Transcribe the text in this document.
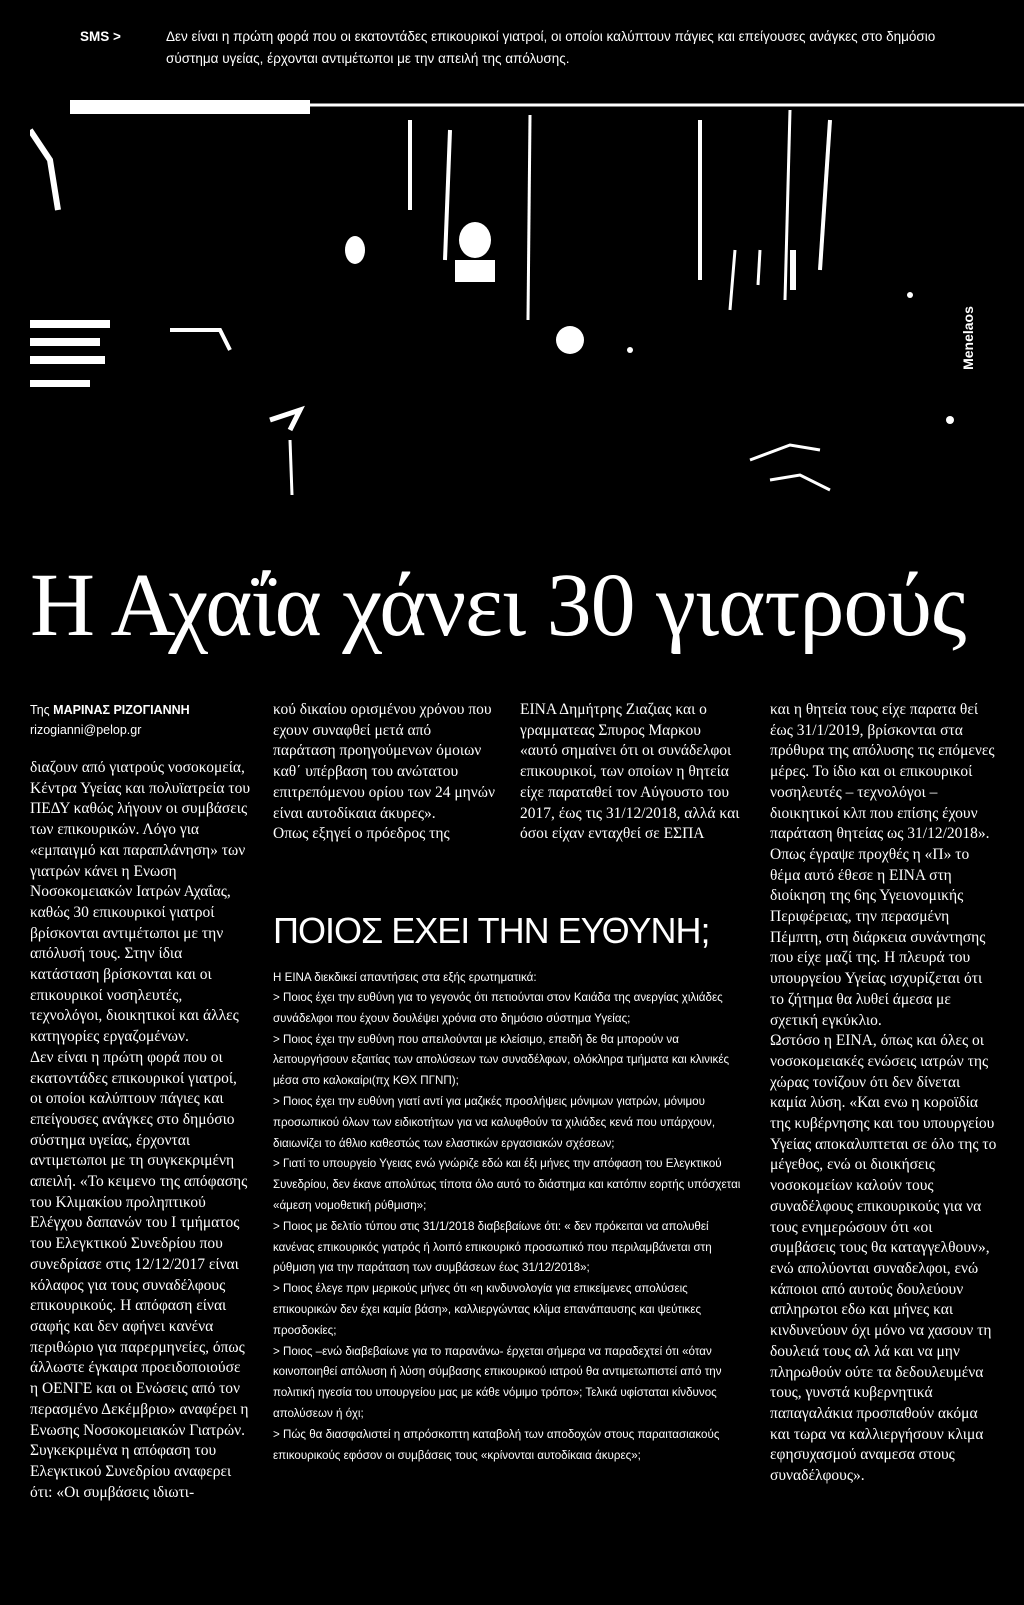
SMS >	Δεν είναι η πρώτη φορά που οι εκατοντάδες επικουρικοί γιατροί, οι οποίοι καλύπτουν πάγιες και επείγουσες ανάγκες στο δημόσιο σύστημα υγείας, έρχονται αντιμέτωποι με την απειλή της απόλυσης.
Menelaos
Η Αχαΐα χάνει 30 γιατρούς
Της ΜΑΡΙΝΑΣ ΡΙΖΟΓΙΑΝΝΗ
rizogianni@pelop.gr

διαζουν από γιατρούς νοσοκομεία, Κέντρα Υγείας και πολυϊατρεία του ΠΕΔΥ καθώς λήγουν οι συμβάσεις των επικουρικών. Λόγο για «εμπαιγμό και παραπλάνηση» των γιατρών κάνει η Ενωση Νοσοκομειακών Ιατρών Αχαΐας, καθώς 30 επικουρικοί γιατροί βρίσκονται αντιμέτωποι με την απόλυσή τους. Στην ίδια κατάσταση βρίσκονται και οι επικουρικοί νοσηλευτές, τεχνολόγοι, διοικητικοί και άλλες κατηγορίες εργαζομένων.
Δεν είναι η πρώτη φορά που οι εκατοντάδες επικουρικοί γιατροί, οι οποίοι καλύπτουν πάγιες και επείγουσες ανάγκες στο δημόσιο σύστημα υγείας, έρχονται αντιμετωποι με τη συγκεκριμένη απειλή. «Το κειμενο της απόφασης του Κλιμακίου προληπτικού Ελέγχου δαπανών του Ι τμήματος του Ελεγκτικού Συνεδρίου που συνεδρίασε στις 12/12/2017 είναι κόλαφος για τους συναδέλφους επικουρικούς. Η απόφαση είναι σαφής και δεν αφήνει κανένα περιθώριο για παρερμηνείες, όπως άλλωστε έγκαιρα προειδοποιούσε η ΟΕΝΓΕ και οι Ενώσεις από τον περασμένο Δεκέμβριο» αναφέρει η Ενωσης Νοσοκομειακών Γιατρών.
Συγκεκριμένα η απόφαση του Ελεγκτικού Συνεδρίου αναφερει ότι: «Οι συμβάσεις ιδιωτι-

κού δικαίου ορισμένου χρόνου που εχουν συναφθεί μετά από παράταση προηγούμενων όμοιων καθ΄ υπέρβαση του ανώτατου επιτρεπόμενου ορίου των 24 μηνών είναι αυτοδίκαια άκυρες».
Οπως εξηγεί ο πρόεδρος της

ΕΙΝΑ Δημήτρης Ζιαζιας και ο γραμματεας Σπυρος Μαρκου «αυτό σημαίνει ότι οι συνάδελφοι επικουρικοί, των οποίων η θητεία είχε παραταθεί τον Αύγουστο του 2017, έως τις 31/12/2018, αλλά και όσοι είχαν ενταχθεί σε ΕΣΠΑ

και η θητεία τους είχε παρατα θεί έως 31/1/2019, βρίσκονται στα πρόθυρα της απόλυσης τις επόμενες μέρες. Το ίδιο και οι επικουρικοί νοσηλευτές – τεχνολόγοι – διοικητικοί κλπ που επίσης έχουν παράταση θητείας ως 31/12/2018».
Οπως έγραψε προχθές η «Π» το θέμα αυτό έθεσε η ΕΙΝΑ στη διοίκηση της 6ης Υγειονομικής Περιφέρειας, την περασμένη Πέμπτη, στη διάρκεια συνάντησης που είχε μαζί της. Η πλευρά του υπουργείου Υγείας ισχυρίζεται ότι το ζήτημα θα λυθεί άμεσα με σχετική εγκύκλιο.
Ωστόσο η ΕΙΝΑ, όπως και όλες οι νοσοκομειακές ενώσεις ιατρών της χώρας τονίζουν ότι δεν δίνεται καμία λύση. «Και ενω η κοροϊδία της κυβέρνησης και του υπουργείου Υγείας αποκαλυπτεται σε όλο της το μέγεθος, ενώ οι διοικήσεις νοσοκομείων καλούν τους συναδέλφους επικουρικούς για να τους ενημερώσουν ότι «οι συμβάσεις τους θα καταγγελθουν», ενώ απολύονται συναδελφοι, ενώ κάποιοι από αυτούς δουλεύουν απληρωτοι εδω και μήνες και κινδυνεύουν όχι μόνο να χασουν τη δουλειά τους αλ λά και να μην πληρωθούν ούτε τα δεδουλευμένα τους, γυνστά κυβερνητικά παπαγαλάκια προσπαθούν ακόμα και τωρα να καλλιεργήσουν κλιμα εφησυχασμού αναμεσα στους συναδέλφους».

ΠΟΙΟΣ ΕΧΕΙ ΤΗΝ ΕΥΘΥΝΗ;

Η ΕΙΝΑ διεκδικεί απαντήσεις στα εξής ερωτηματικά:

> Ποιος έχει την ευθύνη για το γεγονός ότι πετιούνται στον Καιάδα της ανεργίας χιλιάδες συνάδελφοι που έχουν δουλέψει χρόνια στο δημόσιο σύστημα Υγείας;

> Ποιος έχει την ευθύνη που απειλούνται με κλείσιμο, επειδή δε θα μπορούν να λειτουργήσουν εξαιτίας των απολύσεων των συναδέλφων, ολόκληρα τμήματα και κλινικές μέσα στο καλοκαίρι(πχ ΚΘΧ ΠΓΝΠ);

> Ποιος έχει την ευθύνη γιατί αντί για μαζικές προσλήψεις μόνιμων γιατρών, μόνιμου προσωπικού όλων των ειδικοτήτων για να καλυφθούν τα χιλιάδες κενά που υπάρχουν, διαιωνίζει το άθλιο καθεστώς των ελαστικών εργασιακών σχέσεων;

> Γιατί το υπουργείο Υγειας ενώ γνώριζε εδώ και έξι μήνες την απόφαση του Ελεγκτικού Συνεδρίου, δεν έκανε απολύτως τίποτα όλο αυτό το διάστημα και κατόπιν εορτής υπόσχεται «άμεση νομοθετική ρύθμιση»;

> Ποιος με δελτίο τύπου στις 31/1/2018 διαβεβαίωνε ότι: « δεν πρόκειται να απολυθεί κανένας επικουρικός γιατρός ή λοιπό επικουρικό προσωπικό που περιλαμβάνεται στη ρύθμιση για την παράταση των συμβάσεων έως 31/12/2018»;

> Ποιος έλεγε πριν μερικούς μήνες ότι «η κινδυνολογία για επικείμενες απολύσεις επικουρικών δεν έχει καμία βάση», καλλιεργώντας κλίμα επανάπαυσης και ψεύτικες προσδοκίες;

> Ποιος –ενώ διαβεβαίωνε για το παρανάνω- έρχεται σήμερα να παραδεχτεί ότι «όταν κοινοποιηθεί απόλυση ή λύση σύμβασης επικουρικού ιατρού θα αντιμετωπιστεί από την πολιτική ηγεσία του υπουργείου μας με κάθε νόμιμο τρόπο»; Τελικά υφίσταται κίνδυνος απολύσεων ή όχι;

> Πώς θα διασφαλιστεί η απρόσκοπτη καταβολή των αποδοχών στους παραιτασιακούς επικουρικούς εφόσον οι συμβάσεις τους «κρίνονται αυτοδίκαια άκυρες»;
